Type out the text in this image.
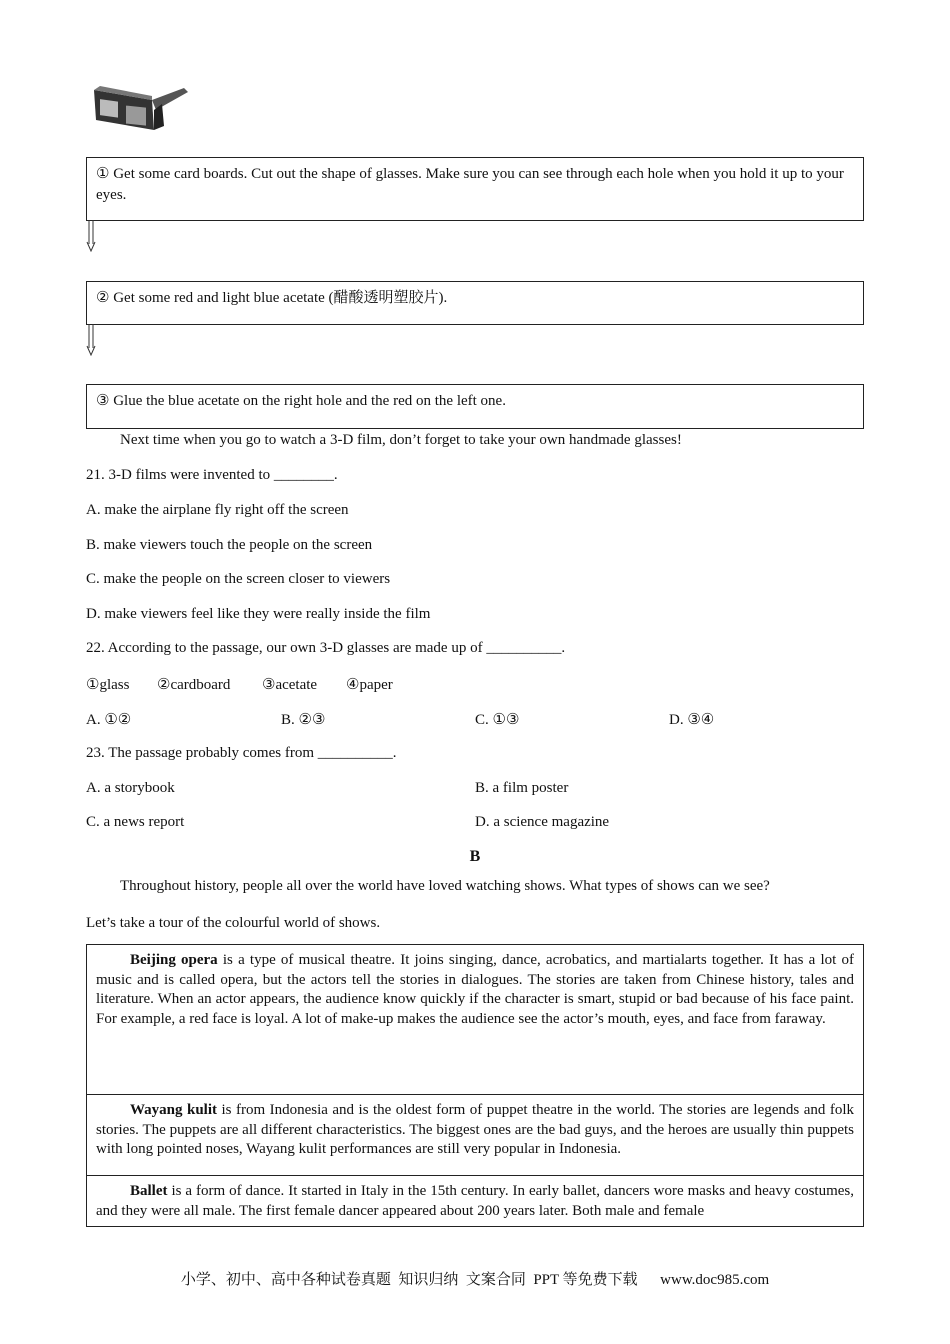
① Get some card boards. Cut out the shape of glasses. Make sure you can see through each hole when you hold it up to your eyes.
② Get some red and light blue acetate (醋酸透明塑胶片).
③ Glue the blue acetate on the right hole and the red on the left one.
Next time when you go to watch a 3-D film, don’t forget to take your own handmade glasses!
21. 3-D films were invented to ________.
A. make the airplane fly right off the screen
B. make viewers touch the people on the screen
C. make the people on the screen closer to viewers
D. make viewers feel like they were really inside the film
22. According to the passage, our own 3-D glasses are made up of __________.
①glass ②cardboard ③acetate ④paper
A. ①②	B. ②③	C. ①③	D. ③④
23. The passage probably comes from __________.
A. a storybook	B. a film poster
C. a news report	D. a science magazine
B
Throughout history, people all over the world have loved watching shows. What types of shows can we see?
Let’s take a tour of the colourful world of shows.
Beijing opera is a type of musical theatre. It joins singing, dance, acrobatics, and martialarts together. It has a lot of music and is called opera, but the actors tell the stories in dialogues. The stories are taken from Chinese history, tales and literature. When an actor appears, the audience know quickly if the character is smart, stupid or bad because of his face paint. For example, a red face is loyal. A lot of make-up makes the audience see the actor’s mouth, eyes, and face from faraway.
Wayang kulit is from Indonesia and is the oldest form of puppet theatre in the world. The stories are legends and folk stories. The puppets are all different characteristics. The biggest ones are the bad guys, and the heroes are usually thin puppets with long pointed noses, Wayang kulit performances are still very popular in Indonesia.
Ballet is a form of dance. It started in Italy in the 15th century. In early ballet, dancers wore masks and heavy costumes, and they were all male. The first female dancer appeared about 200 years later. Both male and female
小学、初中、高中各种试卷真题  知识归纳  文案合同  PPT 等免费下载      www.doc985.com
